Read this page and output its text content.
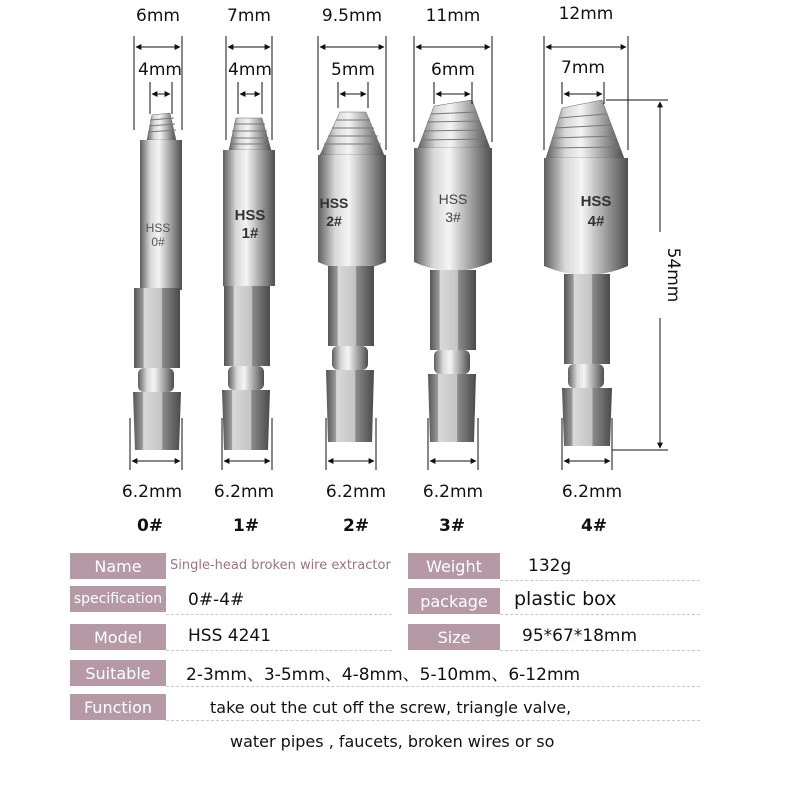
HSS
0#
HSS
1#
HSS
2#
HSS
3#
HSS
4#
54mm
6mm	7mm	9.5mm	11mm	12mm
4mm	4mm	5mm	6mm	7mm
6.2mm 6.2mm	6.2mm 6.2mm	6.2mm
0#	1#	2#	3#	4#
Name	Single-head broken wire extractor	Weight	132g
specification 0#-4#	package	plastic box
Model	HSS 4241	Size	95*67*18mm
Suitable	2-3mm、3-5mm、4-8mm、5-10mm、6-12mm
Function	take out the cut off the screw, triangle valve,
water pipes , faucets, broken wires or so
